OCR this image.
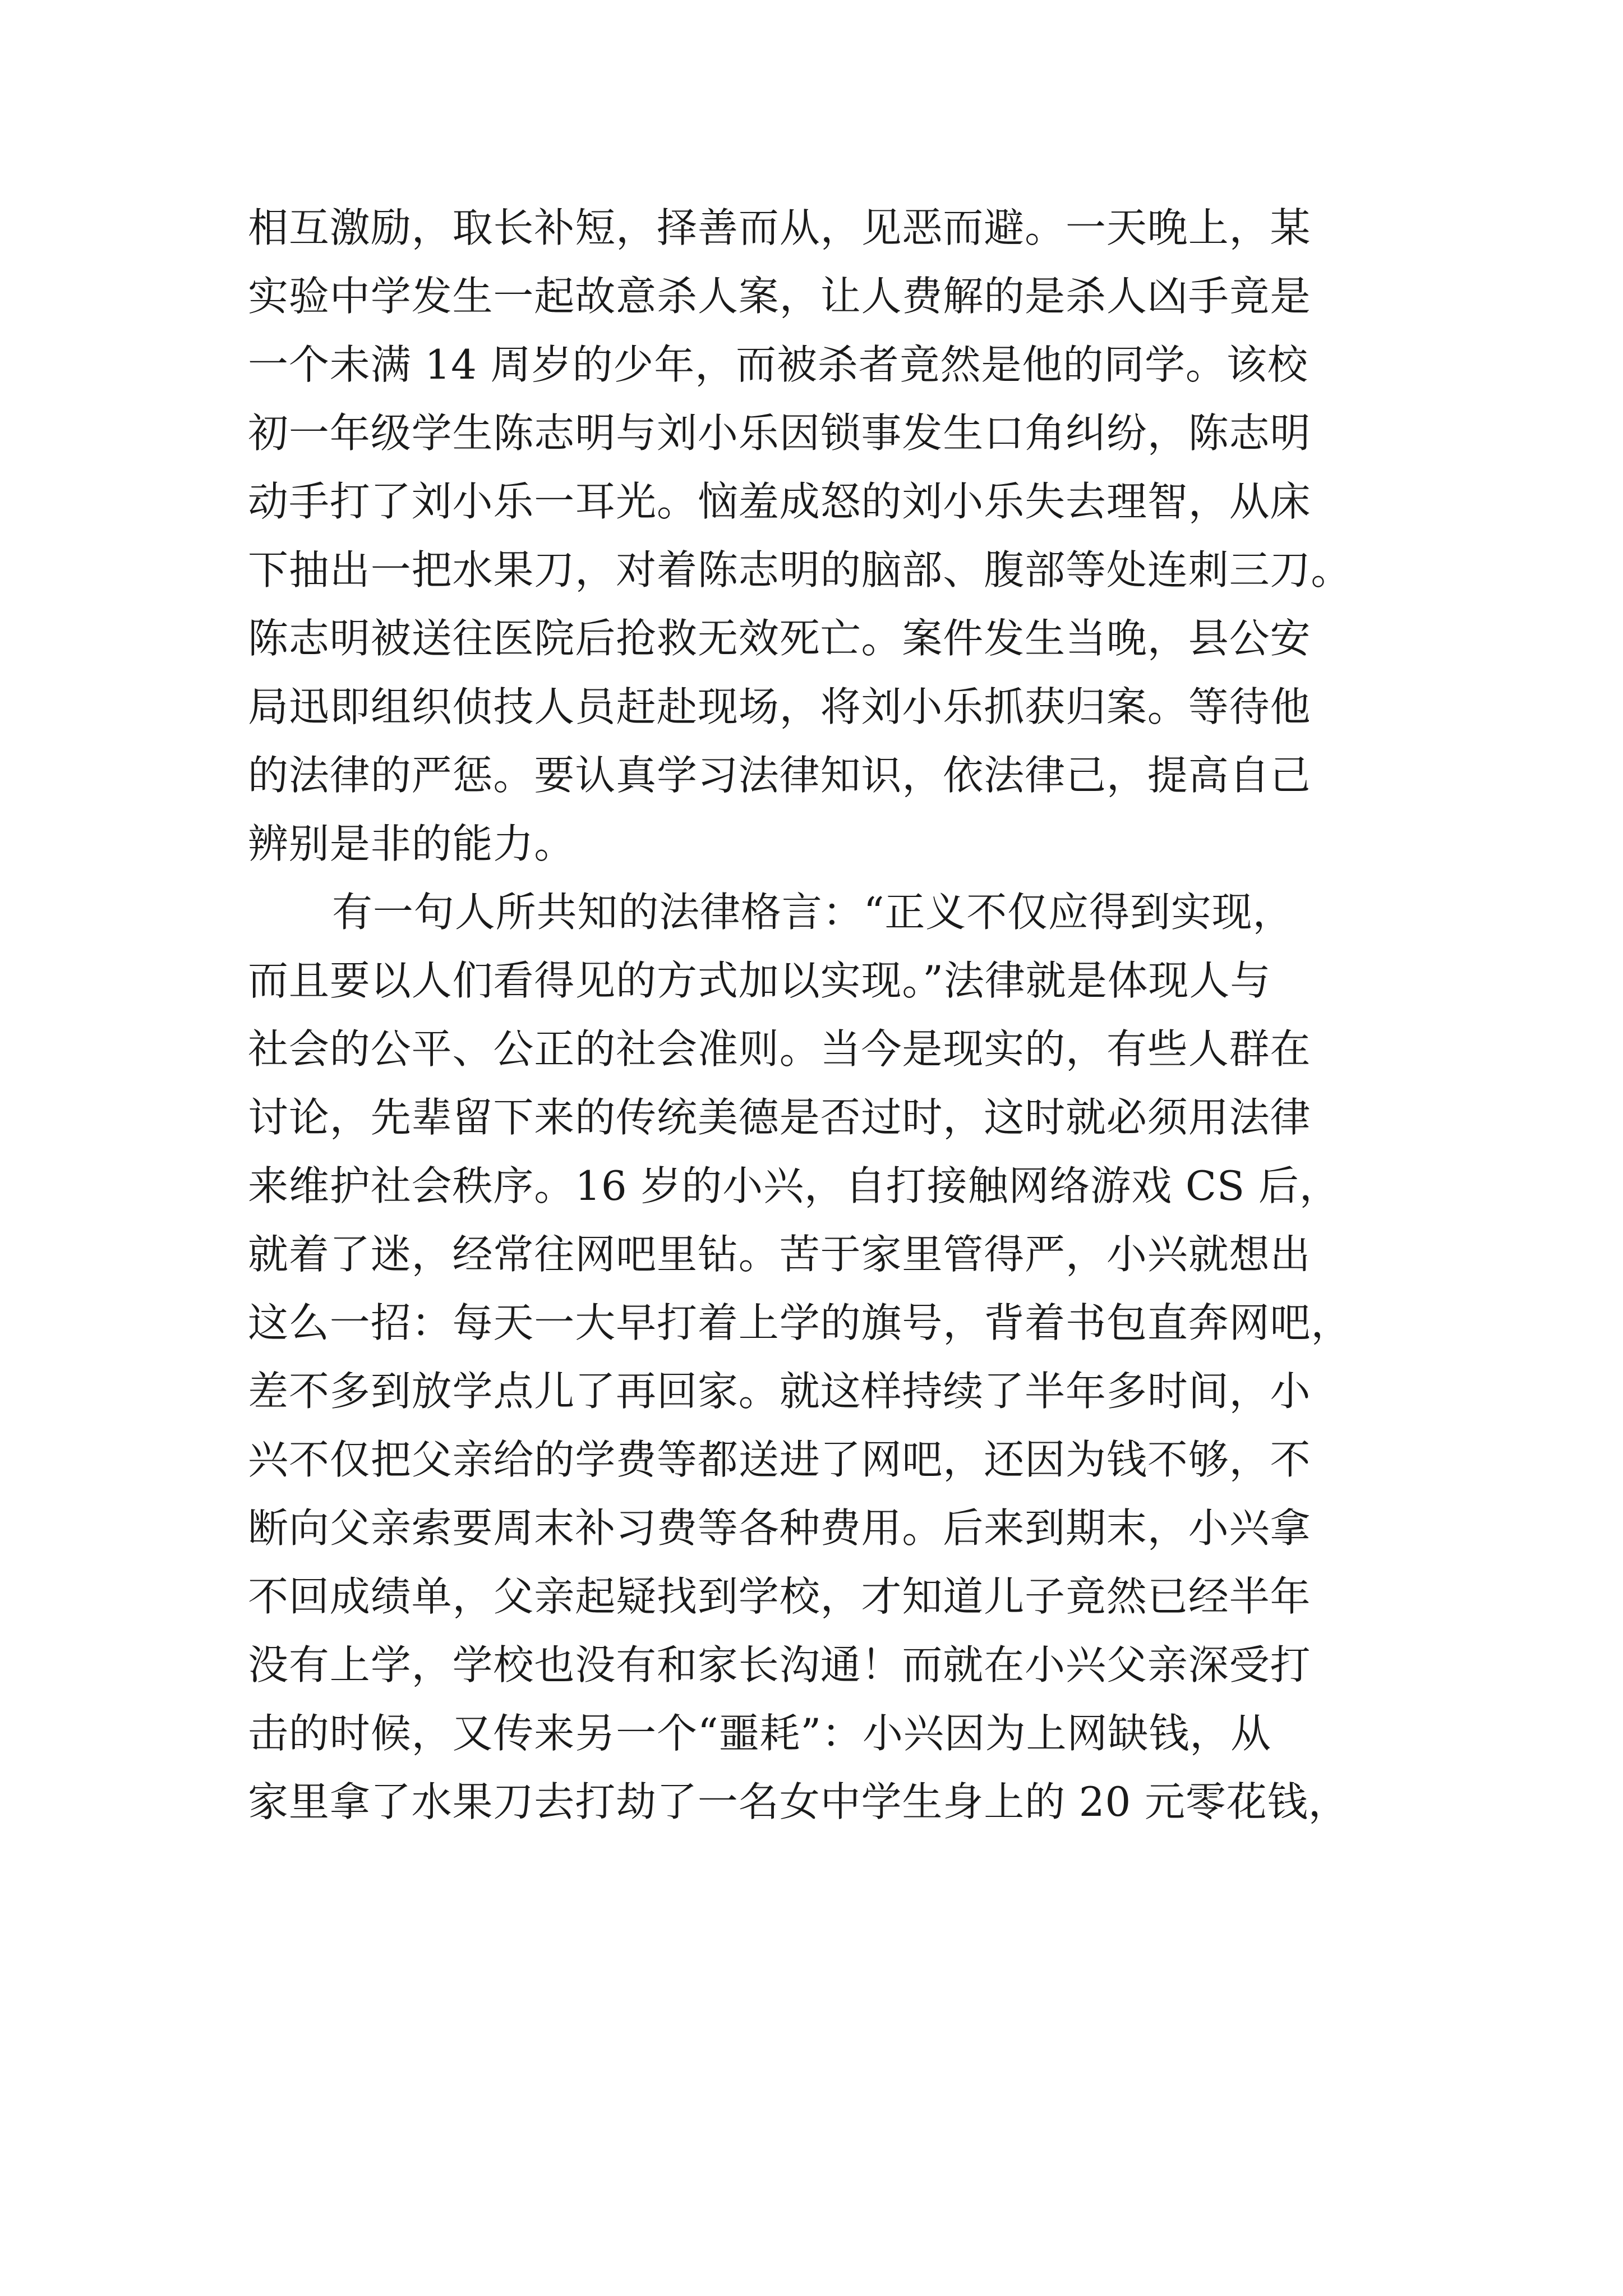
相互激励，取长补短，择善而从，见恶而避。一天晚上，某
实验中学发生一起故意杀人案，让人费解的是杀人凶手竟是
一个未满 14 周岁的少年，而被杀者竟然是他的同学。该校
初一年级学生陈志明与刘小乐因锁事发生口角纠纷，陈志明
动手打了刘小乐一耳光。恼羞成怒的刘小乐失去理智，从床
下抽出一把水果刀，对着陈志明的脑部、腹部等处连刺三刀。
陈志明被送往医院后抢救无效死亡。案件发生当晚，县公安
局迅即组织侦技人员赶赴现场，将刘小乐抓获归案。等待他
的法律的严惩。要认真学习法律知识，依法律己，提高自己
辨别是非的能力。
有一句人所共知的法律格言：“正义不仅应得到实现，
而且要以人们看得见的方式加以实现。”法律就是体现人与
社会的公平、公正的社会准则。当今是现实的，有些人群在
讨论，先辈留下来的传统美德是否过时，这时就必须用法律
来维护社会秩序。16 岁的小兴，自打接触网络游戏 CS 后，
就着了迷，经常往网吧里钻。苦于家里管得严，小兴就想出
这么一招：每天一大早打着上学的旗号，背着书包直奔网吧，
差不多到放学点儿了再回家。就这样持续了半年多时间，小
兴不仅把父亲给的学费等都送进了网吧，还因为钱不够，不
断向父亲索要周末补习费等各种费用。后来到期末，小兴拿
不回成绩单，父亲起疑找到学校，才知道儿子竟然已经半年
没有上学，学校也没有和家长沟通！而就在小兴父亲深受打
击的时候，又传来另一个“噩耗”：小兴因为上网缺钱，从
家里拿了水果刀去打劫了一名女中学生身上的 20 元零花钱，
